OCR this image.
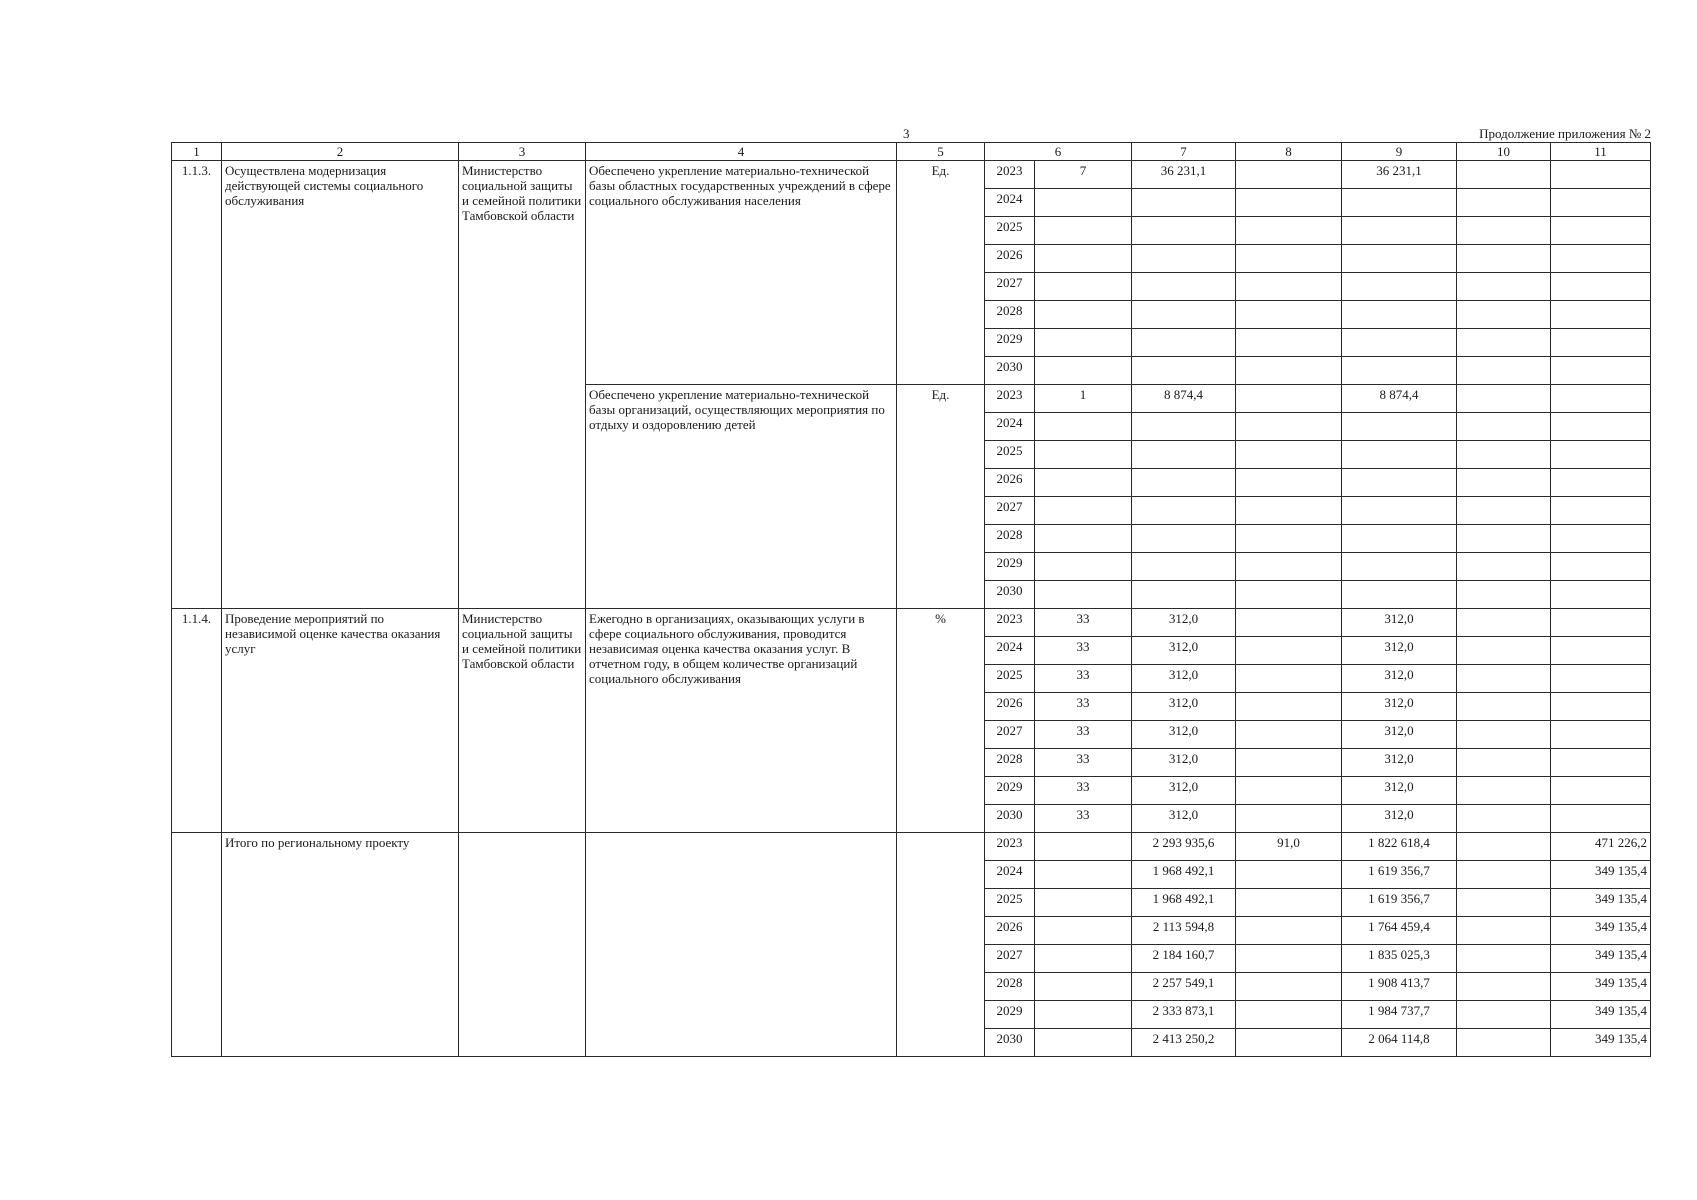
3	Продолжение приложения № 2
1	2	3	4	5	6		7	8	9	10	11
1.1.3.	Осуществлена модернизация действующей системы социального обслуживания	Министерство социальной защиты и семейной политики Тамбовской области	Обеспечено укрепление материально-технической базы областных государственных учреждений в сфере социального обслуживания населения	Ед.	2023	7	36 231,1		36 231,1		
					2024						
					2025						
					2026						
					2027						
					2028						
					2029						
					2030						
			Обеспечено укрепление материально-технической базы организаций, осуществляющих мероприятия по отдыху и оздоровлению детей	Ед.	2023	1	8 874,4		8 874,4		
					2024						
					2025						
					2026						
					2027						
					2028						
					2029						
					2030						
1.1.4.	Проведение мероприятий по независимой оценке качества оказания услуг	Министерство социальной защиты и семейной политики Тамбовской области	Ежегодно в организациях, оказывающих услуги в сфере социального обслуживания, проводится независимая оценка качества оказания услуг. В отчетном году, в общем количестве организаций социального обслуживания	%	2023	33	312,0		312,0		
					2024	33	312,0		312,0		
					2025	33	312,0		312,0		
					2026	33	312,0		312,0		
					2027	33	312,0		312,0		
					2028	33	312,0		312,0		
					2029	33	312,0		312,0		
					2030	33	312,0		312,0		
	Итого по региональному проекту				2023		2 293 935,6	91,0	1 822 618,4		471 226,2
					2024		1 968 492,1		1 619 356,7		349 135,4
					2025		1 968 492,1		1 619 356,7		349 135,4
					2026		2 113 594,8		1 764 459,4		349 135,4
					2027		2 184 160,7		1 835 025,3		349 135,4
					2028		2 257 549,1		1 908 413,7		349 135,4
					2029		2 333 873,1		1 984 737,7		349 135,4
					2030		2 413 250,2		2 064 114,8		349 135,4
